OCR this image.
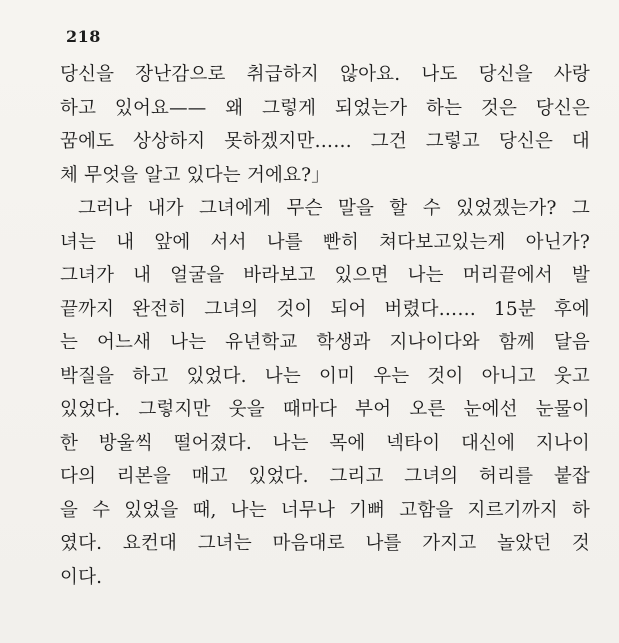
218
당신을 장난감으로 취급하지 않아요. 나도 당신을 사랑
하고 있어요—— 왜 그렇게 되었는가 하는 것은 당신은
꿈에도 상상하지 못하겠지만…… 그건 그렇고 당신은 대
체 무엇을 알고 있다는 거에요?」
그러나 내가 그녀에게 무슨 말을 할 수 있었겠는가? 그
녀는 내 앞에 서서 나를 빤히 쳐다보고있는게 아닌가?
그녀가 내 얼굴을 바라보고 있으면 나는 머리끝에서 발
끝까지 완전히 그녀의 것이 되어 버렸다…… 15분 후에
는 어느새 나는 유년학교 학생과 지나이다와 함께 달음
박질을 하고 있었다. 나는 이미 우는 것이 아니고 웃고
있었다. 그렇지만 웃을 때마다 부어 오른 눈에선 눈물이
한 방울씩 떨어졌다. 나는 목에 넥타이 대신에 지나이
다의 리본을 매고 있었다. 그리고 그녀의 허리를 붙잡
을 수 있었을 때, 나는 너무나 기뻐 고함을 지르기까지 하
였다. 요컨대 그녀는 마음대로 나를 가지고 놀았던 것
이다.
